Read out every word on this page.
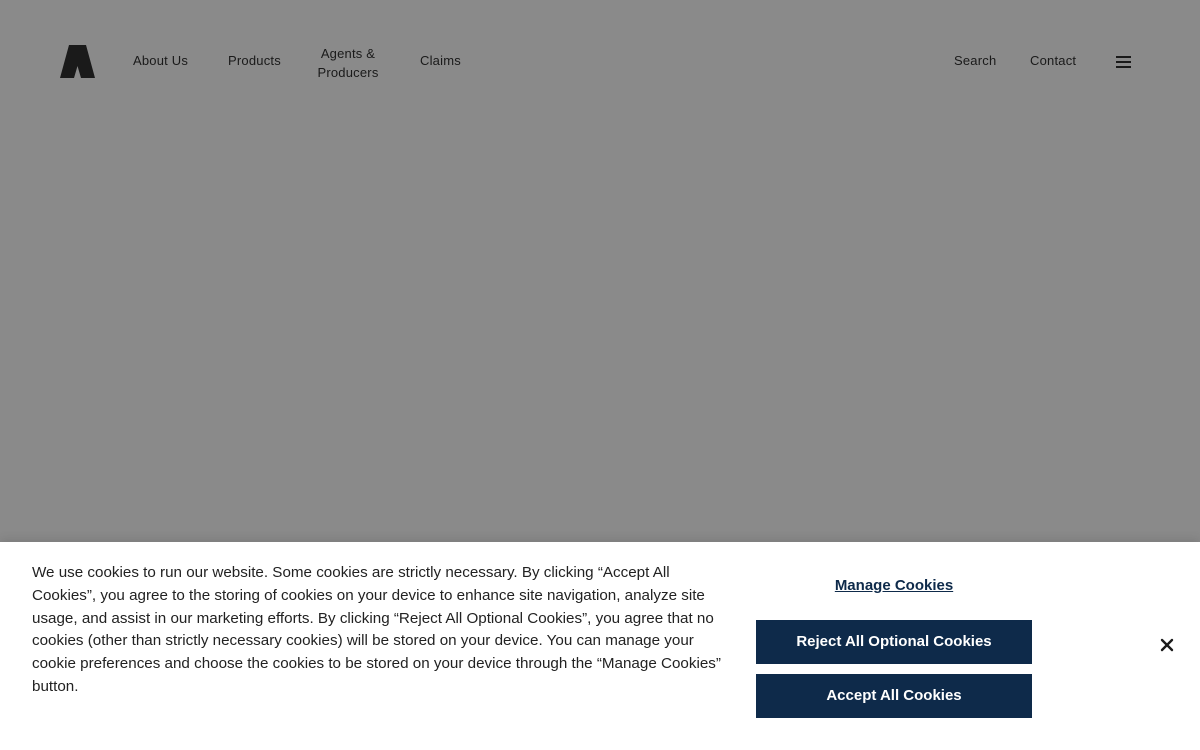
About Us	Products	Agents & Producers
Claims	Search	Contact

We use cookies to run our website. Some cookies are strictly necessary. By clicking “Accept All Cookies”, you agree to the storing of cookies on your device to enhance site navigation, analyze site usage, and assist in our marketing efforts. By clicking “Reject All Optional Cookies”, you agree that no cookies (other than strictly necessary cookies) will be stored on your device. You can manage your cookie preferences and choose the cookies to be stored on your device through the “Manage Cookies” button.

Manage Cookies
Reject All Optional Cookies
Accept All Cookies
